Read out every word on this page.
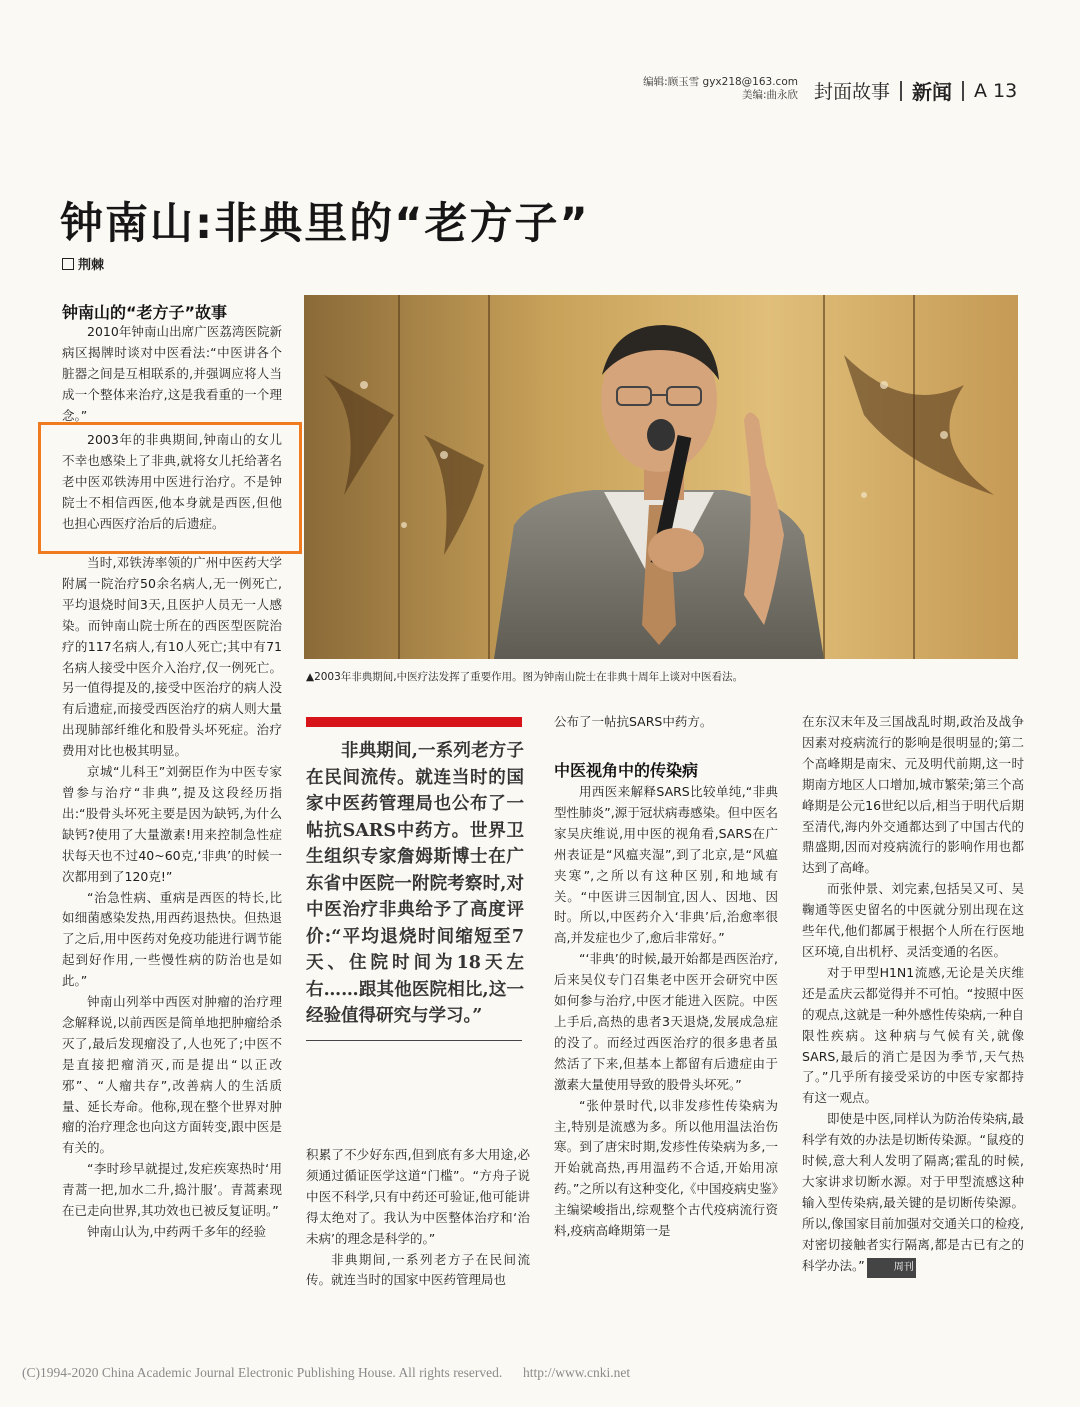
编辑:顾玉雪 gyx218@163.com
美编:曲永欣 封面故事 新闻 A 13
钟南山:非典里的“老方子”
荆棘
钟南山的“老方子”故事

2010年钟南山出席广医荔湾医院新病区揭牌时谈对中医看法:“中医讲各个脏器之间是互相联系的,并强调应将人当成一个整体来治疗,这是我看重的一个理念。”

2003年的非典期间,钟南山的女儿不幸也感染上了非典,就将女儿托给著名老中医邓铁涛用中医进行治疗。不是钟院士不相信西医,他本身就是西医,但他也担心西医疗治后的后遗症。

当时,邓铁涛率领的广州中医药大学附属一院治疗50余名病人,无一例死亡,平均退烧时间3天,且医护人员无一人感染。而钟南山院士所在的西医型医院治疗的117名病人,有10人死亡;其中有71名病人接受中医介入治疗,仅一例死亡。另一值得提及的,接受中医治疗的病人没有后遗症,而接受西医治疗的病人则大量出现肺部纤维化和股骨头坏死症。治疗费用对比也极其明显。

京城“儿科王”刘弼臣作为中医专家曾参与治疗“非典”,提及这段经历指出:“股骨头坏死主要是因为缺钙,为什么缺钙?使用了大量激素!用来控制急性症状每天也不过40~60克,‘非典’的时候一次都用到了120克!”

“治急性病、重病是西医的特长,比如细菌感染发热,用西药退热快。但热退了之后,用中医药对免疫功能进行调节能起到好作用,一些慢性病的防治也是如此。”

钟南山列举中西医对肿瘤的治疗理念解释说,以前西医是简单地把肿瘤给杀灭了,最后发现瘤没了,人也死了;中医不是直接把瘤消灭,而是提出“以正改邪”、“人瘤共存”,改善病人的生活质量、延长寿命。他称,现在整个世界对肿瘤的治疗理念也向这方面转变,跟中医是有关的。

“李时珍早就提过,发疟疾寒热时‘用青蒿一把,加水二升,捣汁服’。青蒿素现在已走向世界,其功效也已被反复证明。”

钟南山认为,中药两千多年的经验

▲2003年非典期间,中医疗法发挥了重要作用。图为钟南山院士在非典十周年上谈对中医看法。
非典期间,一系列老方子在民间流传。就连当时的国家中医药管理局也公布了一帖抗SARS中药方。世界卫生组织专家詹姆斯博士在广东省中医院一附院考察时,对中医治疗非典给予了高度评价:“平均退烧时间缩短至7天、住院时间为18天左右……跟其他医院相比,这一经验值得研究与学习。”

积累了不少好东西,但到底有多大用途,必须通过循证医学这道“门槛”。“方舟子说中医不科学,只有中药还可验证,他可能讲得太绝对了。我认为中医整体治疗和‘治未病’的理念是科学的。”

非典期间,一系列老方子在民间流传。就连当时的国家中医药管理局也

公布了一帖抗SARS中药方。

中医视角中的传染病

用西医来解释SARS比较单纯,“非典型性肺炎”,源于冠状病毒感染。但中医名家吴庆维说,用中医的视角看,SARS在广州表证是“风瘟夹湿”,到了北京,是“风瘟夹寒”,之所以有这种区别,和地域有关。“中医讲三因制宜,因人、因地、因时。所以,中医药介入‘非典’后,治愈率很高,并发症也少了,愈后非常好。”

“‘非典’的时候,最开始都是西医治疗,后来吴仪专门召集老中医开会研究中医如何参与治疗,中医才能进入医院。中医上手后,高热的患者3天退烧,发展成急症的没了。而经过西医治疗的很多患者虽然活了下来,但基本上都留有后遗症由于激素大量使用导致的股骨头坏死。”

“张仲景时代,以非发疹性传染病为主,特别是流感为多。所以他用温法治伤寒。到了唐宋时期,发疹性传染病为多,一开始就高热,再用温药不合适,开始用凉药。”之所以有这种变化,《中国疫病史鉴》主编梁峻指出,综观整个古代疫病流行资料,疫病高峰期第一是

在东汉末年及三国战乱时期,政治及战争因素对疫病流行的影响是很明显的;第二个高峰期是南宋、元及明代前期,这一时期南方地区人口增加,城市繁荣;第三个高峰期是公元16世纪以后,相当于明代后期至清代,海内外交通都达到了中国古代的鼎盛期,因而对疫病流行的影响作用也都达到了高峰。

而张仲景、刘完素,包括吴又可、吴鞠通等医史留名的中医就分别出现在这些年代,他们都属于根据个人所在行医地区环境,自出机杼、灵活变通的名医。

对于甲型H1N1流感,无论是关庆维还是孟庆云都觉得并不可怕。“按照中医的观点,这就是一种外感性传染病,一种自限性疾病。这种病与气候有关,就像SARS,最后的消亡是因为季节,天气热了。”几乎所有接受采访的中医专家都持有这一观点。

即使是中医,同样认为防治传染病,最科学有效的办法是切断传染源。“鼠疫的时候,意大利人发明了隔离;霍乱的时候,大家讲求切断水源。对于甲型流感这种输入型传染病,最关键的是切断传染源。所以,像国家目前加强对交通关口的检疫,对密切接触者实行隔离,都是古已有之的科学办法。”	周刊

(C)1994-2020 China Academic Journal Electronic Publishing House. All rights reserved. http://www.cnki.net
